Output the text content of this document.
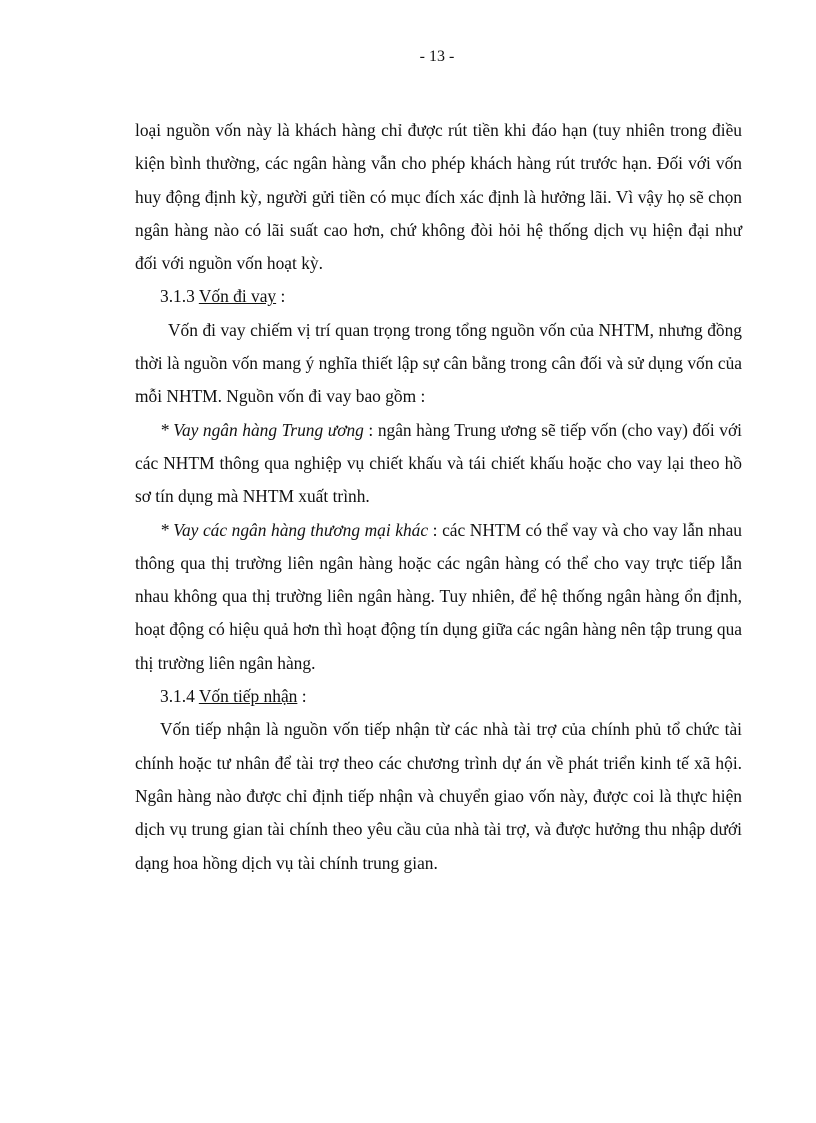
- 13 -

loại nguồn vốn này là khách hàng chỉ được rút tiền khi đáo hạn (tuy nhiên trong điều kiện bình thường, các ngân hàng vẫn cho phép khách hàng rút trước hạn. Đối với vốn huy động định kỳ, người gửi tiền có mục đích xác định là hưởng lãi. Vì vậy họ sẽ chọn ngân hàng nào có lãi suất cao hơn, chứ không đòi hỏi hệ thống dịch vụ hiện đại như đối với nguồn vốn hoạt kỳ.

3.1.3 Vốn đi vay :

Vốn đi vay chiếm vị trí quan trọng trong tổng nguồn vốn của NHTM, nhưng đồng thời là nguồn vốn mang ý nghĩa thiết lập sự cân bằng trong cân đối và sử dụng vốn của mỗi NHTM. Nguồn vốn đi vay bao gồm :

* Vay ngân hàng Trung ương : ngân hàng Trung ương sẽ tiếp vốn (cho vay) đối với các NHTM thông qua nghiệp vụ chiết khấu và tái chiết khấu hoặc cho vay lại theo hồ sơ tín dụng mà NHTM xuất trình.

* Vay các ngân hàng thương mại khác : các NHTM có thể vay và cho vay lẫn nhau thông qua thị trường liên ngân hàng hoặc các ngân hàng có thể cho vay trực tiếp lẫn nhau không qua thị trường liên ngân hàng. Tuy nhiên, để hệ thống ngân hàng ổn định, hoạt động có hiệu quả hơn thì hoạt động tín dụng giữa các ngân hàng nên tập trung qua thị trường liên ngân hàng.

3.1.4 Vốn tiếp nhận :

Vốn tiếp nhận là nguồn vốn tiếp nhận từ các nhà tài trợ của chính phủ tổ chức tài chính hoặc tư nhân để tài trợ theo các chương trình dự án về phát triển kinh tế xã hội. Ngân hàng nào được chỉ định tiếp nhận và chuyển giao vốn này, được coi là thực hiện dịch vụ trung gian tài chính theo yêu cầu của nhà tài trợ, và được hưởng thu nhập dưới dạng hoa hồng dịch vụ tài chính trung gian.
